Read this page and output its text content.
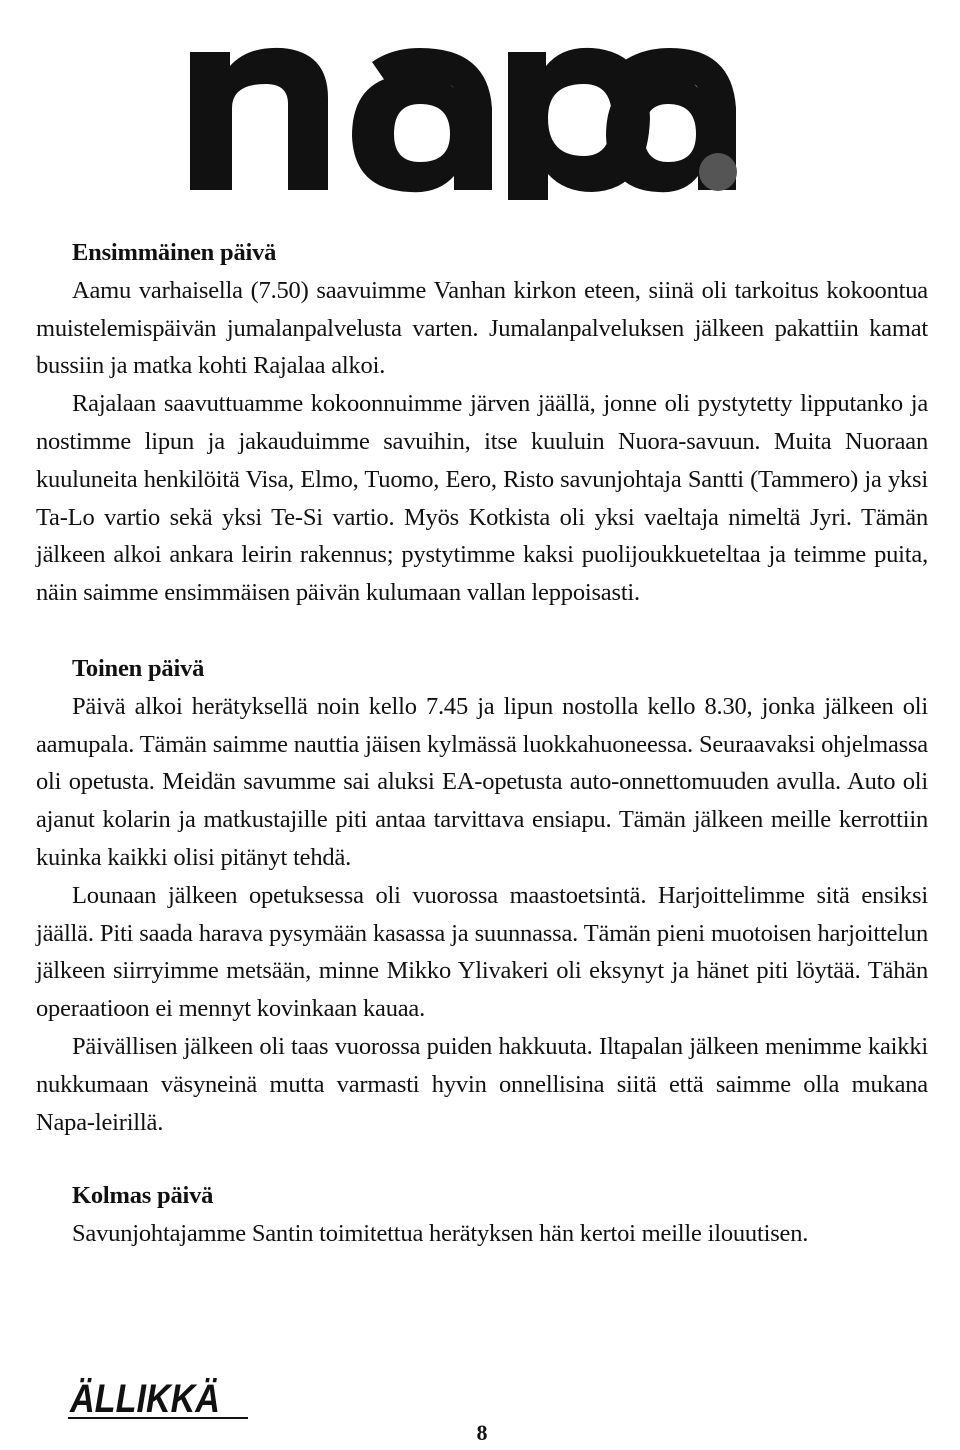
Ensimmäinen päivä

Aamu varhaisella (7.50) saavuimme Vanhan kirkon eteen, siinä oli tarkoitus kokoontua muistelemispäivän jumalanpalvelusta varten. Jumalanpalveluksen jälkeen pakattiin kamat bussiin ja matka kohti Rajalaa alkoi.

Rajalaan saavuttuamme kokoonnuimme järven jäällä, jonne oli pystytetty lipputanko ja nostimme lipun ja jakauduimme savuihin, itse kuuluin Nuora-savuun. Muita Nuoraan kuuluneita henkilöitä Visa, Elmo, Tuomo, Eero, Risto savunjohtaja Santti (Tammero) ja yksi Ta-Lo vartio sekä yksi Te-Si vartio. Myös Kotkista oli yksi vaeltaja nimeltä Jyri. Tämän jälkeen alkoi ankara leirin rakennus; pystytimme kaksi puolijoukkueteltaa ja teimme puita, näin saimme ensimmäisen päivän kulumaan vallan leppoisasti.

Toinen päivä

Päivä alkoi herätyksellä noin kello 7.45 ja lipun nostolla kello 8.30, jonka jälkeen oli aamupala. Tämän saimme nauttia jäisen kylmässä luokkahuoneessa. Seuraavaksi ohjelmassa oli opetusta. Meidän savumme sai aluksi EA-opetusta auto-onnettomuuden avulla. Auto oli ajanut kolarin ja matkustajille piti antaa tarvittava ensiapu. Tämän jälkeen meille kerrottiin kuinka kaikki olisi pitänyt tehdä.

Lounaan jälkeen opetuksessa oli vuorossa maastoetsintä. Harjoittelimme sitä ensiksi jäällä. Piti saada harava pysymään kasassa ja suunnassa. Tämän pieni muotoisen harjoittelun jälkeen siirryimme metsään, minne Mikko Ylivakeri oli eksynyt ja hänet piti löytää. Tähän operaatioon ei mennyt kovinkaan kauaa.

Päivällisen jälkeen oli taas vuorossa puiden hakkuuta. Iltapalan jälkeen menimme kaikki nukkumaan väsyneinä mutta varmasti hyvin onnellisina siitä että saimme olla mukana Napa-leirillä.

Kolmas päivä

Savunjohtajamme Santin toimitettua herätyksen hän kertoi meille ilouutisen.

ÄLLIKKÄ
8
